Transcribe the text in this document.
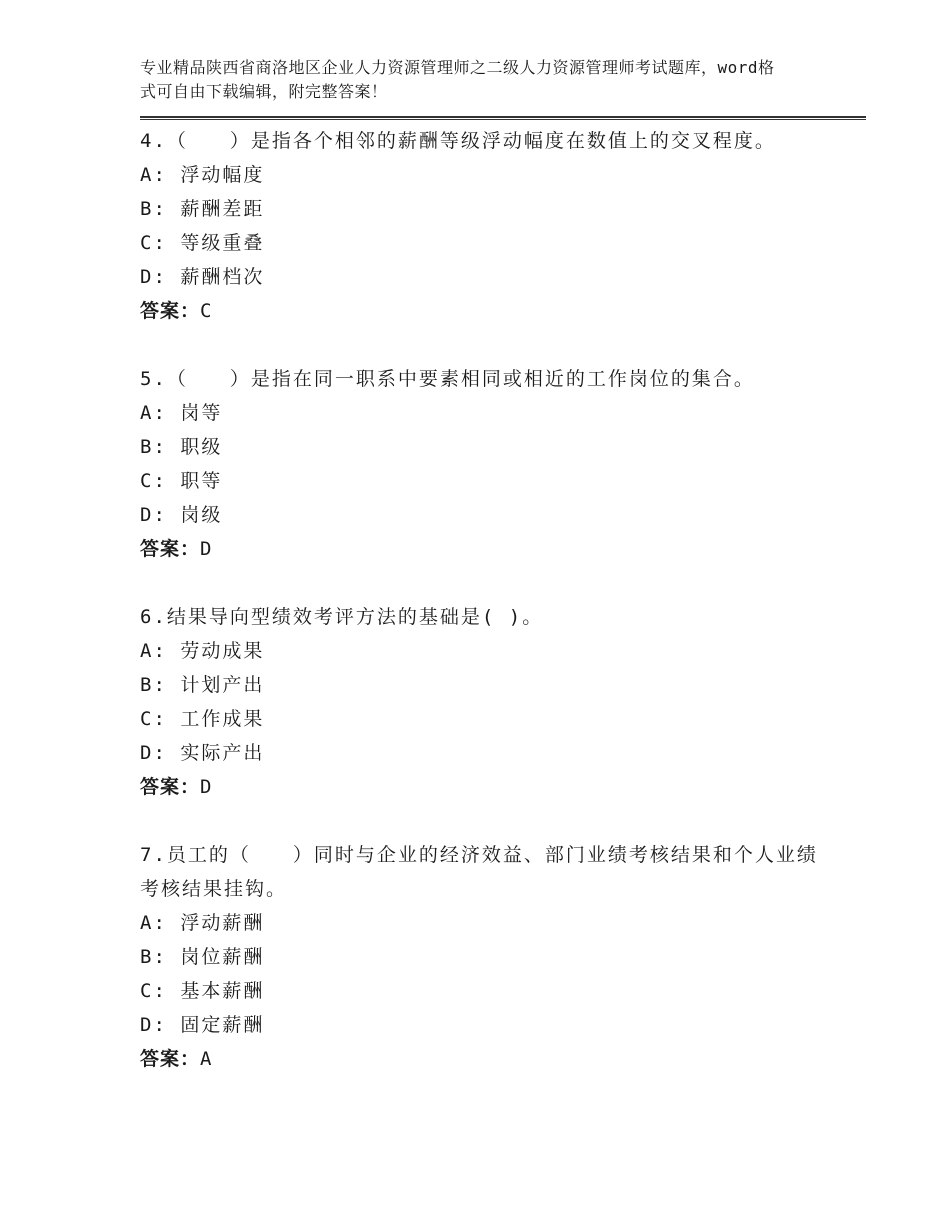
专业精品陕西省商洛地区企业人力资源管理师之二级人力资源管理师考试题库，word格式可自由下载编辑，附完整答案！
4.（　　）是指各个相邻的薪酬等级浮动幅度在数值上的交叉程度。
A: 浮动幅度
B: 薪酬差距
C: 等级重叠
D: 薪酬档次
答案：C
5.（　　）是指在同一职系中要素相同或相近的工作岗位的集合。
A: 岗等
B: 职级
C: 职等
D: 岗级
答案：D
6.结果导向型绩效考评方法的基础是( )。
A: 劳动成果
B: 计划产出
C: 工作成果
D: 实际产出
答案：D
7.员工的（　　）同时与企业的经济效益、部门业绩考核结果和个人业绩考核结果挂钩。
A: 浮动薪酬
B: 岗位薪酬
C: 基本薪酬
D: 固定薪酬
答案：A
